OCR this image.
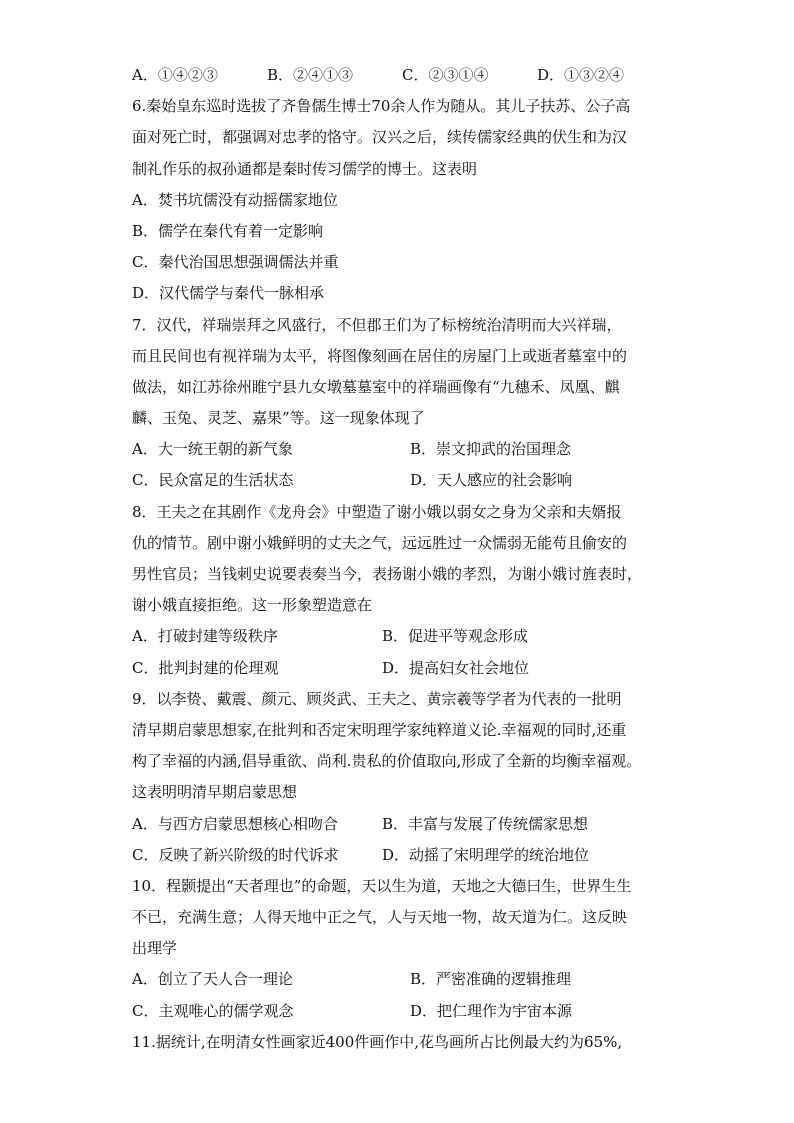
A．①④②③	B．②④①③	C．②③①④	D．①③②④
6.秦始皇东巡时选拔了齐鲁儒生博士70余人作为随从。其儿子扶苏、公子高
面对死亡时，都强调对忠孝的恪守。汉兴之后，续传儒家经典的伏生和为汉
制礼作乐的叔孙通都是秦时传习儒学的博士。这表明
A．焚书坑儒没有动摇儒家地位
B．儒学在秦代有着一定影响
C．秦代治国思想强调儒法并重
D．汉代儒学与秦代一脉相承
7．汉代，祥瑞崇拜之风盛行，不但郡王们为了标榜统治清明而大兴祥瑞，
而且民间也有视祥瑞为太平，将图像刻画在居住的房屋门上或逝者墓室中的
做法，如江苏徐州睢宁县九女墩墓墓室中的祥瑞画像有“九穗禾、凤凰、麒
麟、玉兔、灵芝、嘉果”等。这一现象体现了
A．大一统王朝的新气象	B．崇文抑武的治国理念
C．民众富足的生活状态	D．天人感应的社会影响
8．王夫之在其剧作《龙舟会》中塑造了谢小娥以弱女之身为父亲和夫婿报
仇的情节。剧中谢小娥鲜明的丈夫之气，远远胜过一众懦弱无能苟且偷安的
男性官员；当钱刺史说要表奏当今，表扬谢小娥的孝烈，为谢小娥讨旌表时，
谢小娥直接拒绝。这一形象塑造意在
A．打破封建等级秩序	B．促进平等观念形成
C．批判封建的伦理观	D．提高妇女社会地位
9．以李贽、戴震、颜元、顾炎武、王夫之、黄宗羲等学者为代表的一批明
清早期启蒙思想家,在批判和否定宋明理学家纯粹道义论.幸福观的同时,还重
构了幸福的内涵,倡导重欲、尚利.贵私的价值取向,形成了全新的均衡幸福观。
这表明明清早期启蒙思想
A．与西方启蒙思想核心相吻合	B．丰富与发展了传统儒家思想
C．反映了新兴阶级的时代诉求	D．动摇了宋明理学的统治地位
10．程颢提出“天者理也”的命题，天以生为道，天地之大德曰生，世界生生
不已，充满生意；人得天地中正之气，人与天地一物，故天道为仁。这反映
出理学
A．创立了天人合一理论	B．严密准确的逻辑推理
C．主观唯心的儒学观念	D．把仁理作为宇宙本源
11.据统计,在明清女性画家近400件画作中,花鸟画所占比例最大约为65%,
